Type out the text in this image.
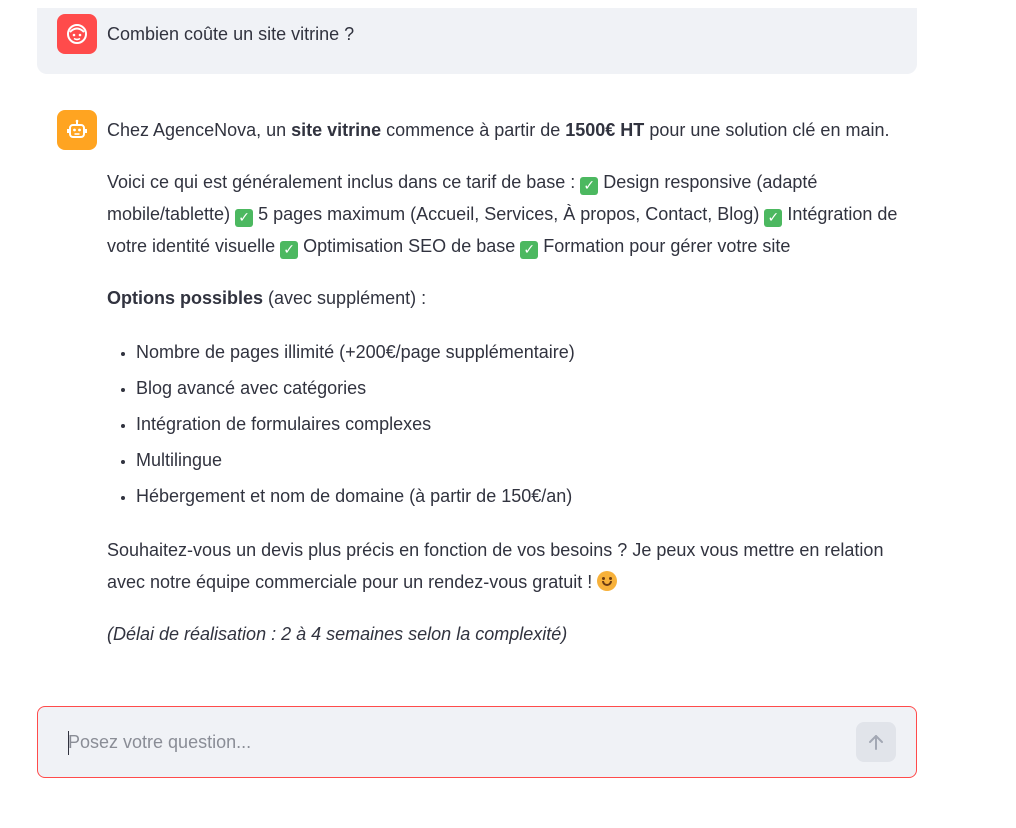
Combien coûte un site vitrine ?

Chez AgenceNova, un site vitrine commence à partir de 1500€ HT pour une solution clé en main.

Voici ce qui est généralement inclus dans ce tarif de base : ✓ Design responsive (adapté mobile/tablette) ✓ 5 pages maximum (Accueil, Services, À propos, Contact, Blog) ✓ Intégration de votre identité visuelle ✓ Optimisation SEO de base ✓ Formation pour gérer votre site

Options possibles (avec supplément) :

• Nombre de pages illimité (+200€/page supplémentaire)
• Blog avancé avec catégories
• Intégration de formulaires complexes
• Multilingue
• Hébergement et nom de domaine (à partir de 150€/an)

Souhaitez-vous un devis plus précis en fonction de vos besoins ? Je peux vous mettre en relation avec notre équipe commerciale pour un rendez-vous gratuit !

(Délai de réalisation : 2 à 4 semaines selon la complexité)

Posez votre question...
